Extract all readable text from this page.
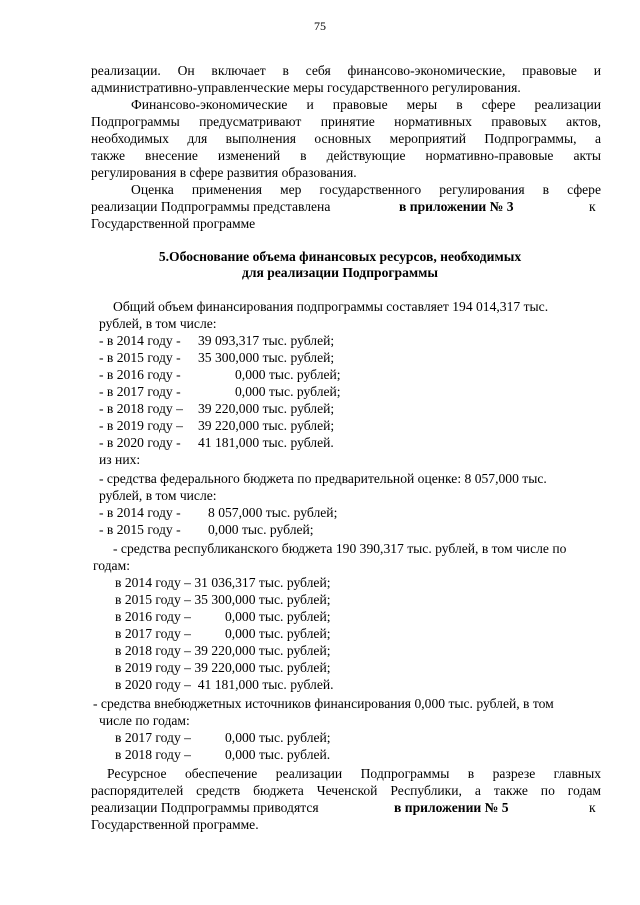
75
реализации. Он включает в себя финансово-экономические, правовые и
административно-управленческие меры государственного регулирования.
Финансово-экономические и правовые меры в сфере реализации
Подпрограммы предусматривают принятие нормативных правовых актов,
необходимых для выполнения основных мероприятий Подпрограммы, а
также внесение изменений в действующие нормативно-правовые акты
регулирования в сфере развития образования.
Оценка применения мер государственного регулирования в сфере
реализации Подпрограммы представлена	в приложении № 3	к
Государственной программе
5.Обоснование объема финансовых ресурсов, необходимых
для реализации Подпрограммы
Общий объем финансирования подпрограммы составляет 194 014,317 тыс.
рублей, в том числе:
- в 2014 году - 39 093,317 тыс. рублей;
- в 2015 году - 35 300,000 тыс. рублей;
- в 2016 году -	0,000 тыс. рублей;
- в 2017 году -	0,000 тыс. рублей;
- в 2018 году – 39 220,000 тыс. рублей;
- в 2019 году – 39 220,000 тыс. рублей;
- в 2020 году - 41 181,000 тыс. рублей.
из них:
- средства федерального бюджета по предварительной оценке: 8 057,000 тыс.
рублей, в том числе:
- в 2014 году - 8 057,000 тыс. рублей;
- в 2015 году - 0,000 тыс. рублей;
- средства республиканского бюджета 190 390,317 тыс. рублей, в том числе по
годам:
в 2014 году – 31 036,317 тыс. рублей;
в 2015 году – 35 300,000 тыс. рублей;
в 2016 году –          0,000 тыс. рублей;
в 2017 году –          0,000 тыс. рублей;
в 2018 году – 39 220,000 тыс. рублей;
в 2019 году – 39 220,000 тыс. рублей;
в 2020 году –  41 181,000 тыс. рублей.
- средства внебюджетных источников финансирования 0,000 тыс. рублей, в том
числе по годам:
в 2017 году –	0,000 тыс. рублей;
в 2018 году –	0,000 тыс. рублей.
Ресурсное обеспечение реализации Подпрограммы в разрезе главных
распорядителей средств бюджета Чеченской Республики, а также по годам
реализации Подпрограммы приводятся	в приложении № 5	к
Государственной программе.
